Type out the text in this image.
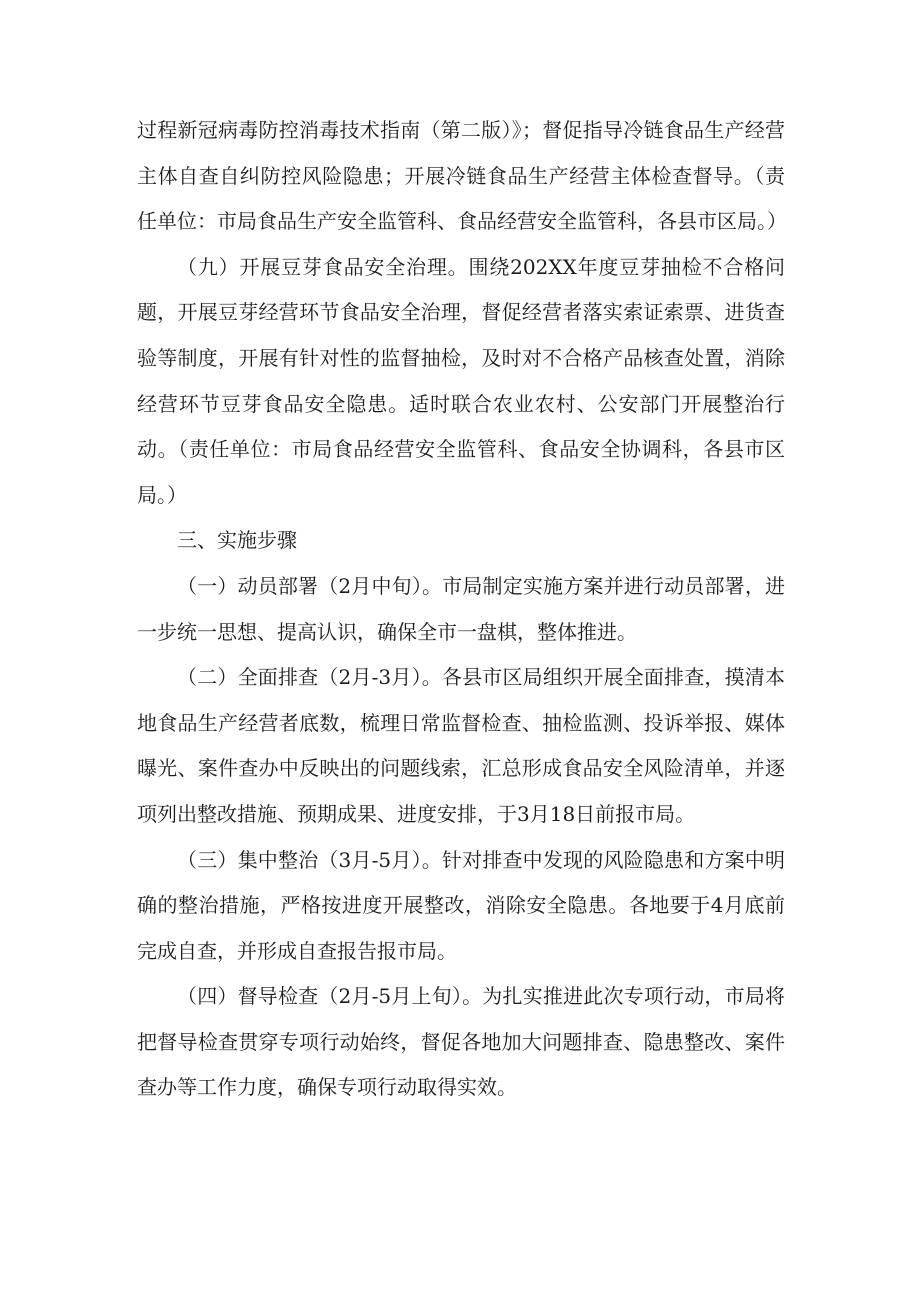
过程新冠病毒防控消毒技术指南（第二版）》；督促指导冷链食品生产经营主体自查自纠防控风险隐患；开展冷链食品生产经营主体检查督导。（责任单位：市局食品生产安全监管科、食品经营安全监管科，各县市区局。）

（九）开展豆芽食品安全治理。围绕202XX年度豆芽抽检不合格问题，开展豆芽经营环节食品安全治理，督促经营者落实索证索票、进货查验等制度，开展有针对性的监督抽检，及时对不合格产品核查处置，消除经营环节豆芽食品安全隐患。适时联合农业农村、公安部门开展整治行动。（责任单位：市局食品经营安全监管科、食品安全协调科，各县市区局。）

三、实施步骤

（一）动员部署（2月中旬）。市局制定实施方案并进行动员部署，进一步统一思想、提高认识，确保全市一盘棋，整体推进。

（二）全面排查（2月-3月）。各县市区局组织开展全面排查，摸清本地食品生产经营者底数，梳理日常监督检查、抽检监测、投诉举报、媒体曝光、案件查办中反映出的问题线索，汇总形成食品安全风险清单，并逐项列出整改措施、预期成果、进度安排，于3月18日前报市局。

（三）集中整治（3月-5月）。针对排查中发现的风险隐患和方案中明确的整治措施，严格按进度开展整改，消除安全隐患。各地要于4月底前完成自查，并形成自查报告报市局。

（四）督导检查（2月-5月上旬）。为扎实推进此次专项行动，市局将把督导检查贯穿专项行动始终，督促各地加大问题排查、隐患整改、案件查办等工作力度，确保专项行动取得实效。
